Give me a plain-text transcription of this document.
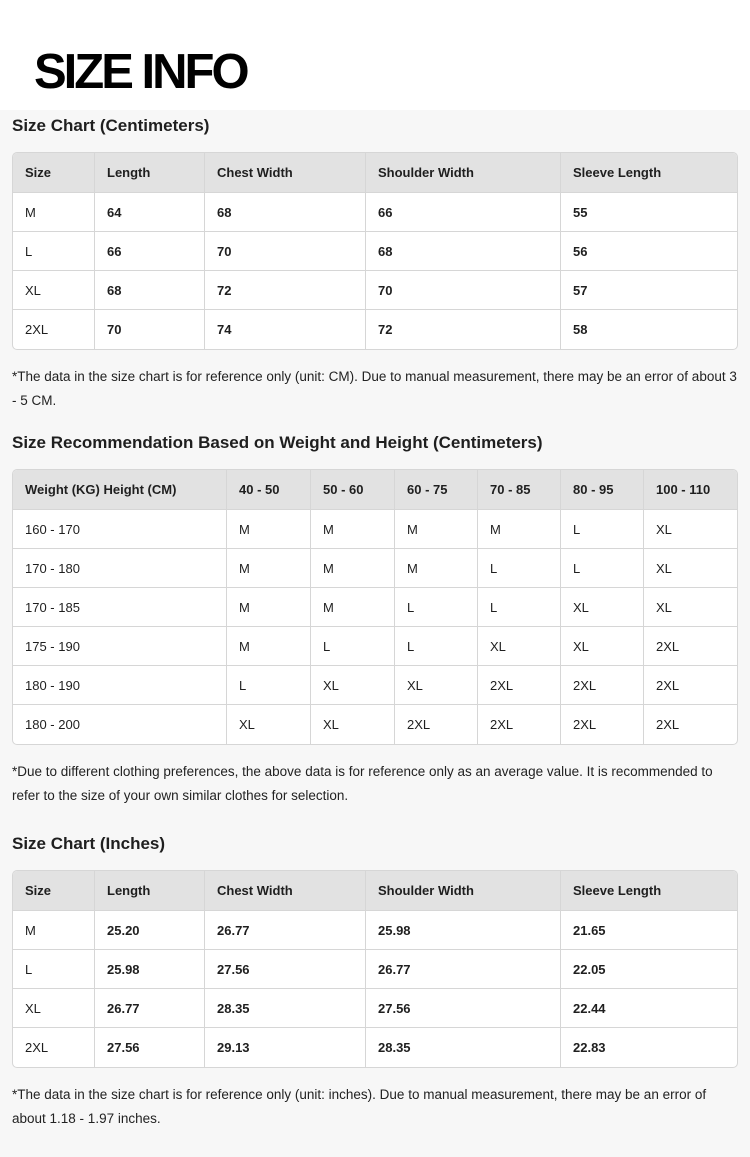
SIZE INFO

Size Chart (Centimeters)

Size	Length	Chest Width	Shoulder Width	Sleeve Length
M	64	68	66	55
L	66	70	68	56
XL	68	72	70	57
2XL	70	74	72	58

*The data in the size chart is for reference only (unit: CM). Due to manual measurement, there may be an error of about 3 - 5 CM.

Size Recommendation Based on Weight and Height (Centimeters)

Weight (KG) Height (CM)	40 - 50	50 - 60	60 - 75	70 - 85	80 - 95	100 - 110
160 - 170	M	M	M	M	L	XL
170 - 180	M	M	M	L	L	XL
170 - 185	M	M	L	L	XL	XL
175 - 190	M	L	L	XL	XL	2XL
180 - 190	L	XL	XL	2XL	2XL	2XL
180 - 200	XL	XL	2XL	2XL	2XL	2XL

*Due to different clothing preferences, the above data is for reference only as an average value. It is recommended to refer to the size of your own similar clothes for selection.

Size Chart (Inches)

Size	Length	Chest Width	Shoulder Width	Sleeve Length
M	25.20	26.77	25.98	21.65
L	25.98	27.56	26.77	22.05
XL	26.77	28.35	27.56	22.44
2XL	27.56	29.13	28.35	22.83

*The data in the size chart is for reference only (unit: inches). Due to manual measurement, there may be an error of about 1.18 - 1.97 inches.
